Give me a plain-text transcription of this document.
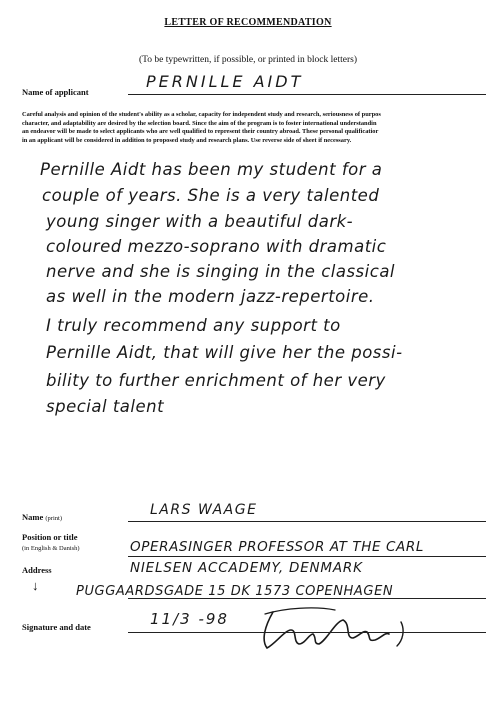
LETTER OF RECOMMENDATION
(To be typewritten, if possible, or printed in block letters)
Name of applicant
PERNILLE AIDT
Careful analysis and opinion of the student's ability as a scholar, capacity for independent study and research, seriousness of purpos
character, and adaptability are desired by the selection board. Since the aim of the program is to foster international understandin
an endeavor will be made to select applicants who are well qualified to represent their country abroad. These personal qualificatior
in an applicant will be considered in addition to proposed study and research plans. Use reverse side of sheet if necessary.
Pernille Aidt has been my student for a
couple of years. She is a very talented
young singer with a beautiful dark-
coloured mezzo-soprano with dramatic
nerve and she is singing in the classical
as well in the modern jazz-repertoire.
I truly recommend any support to
Pernille Aidt, that will give her the possi-
bility to further enrichment of her very
special talent
Name (print)
LARS WAAGE
Position or title
(in English & Danish)	OPERASINGER PROFESSOR AT THE CARL
Address
↓
NIELSEN ACCADEMY, DENMARK
PUGGAARDSGADE 15 DK 1573 COPENHAGEN
Signature and date	11/3 -98
